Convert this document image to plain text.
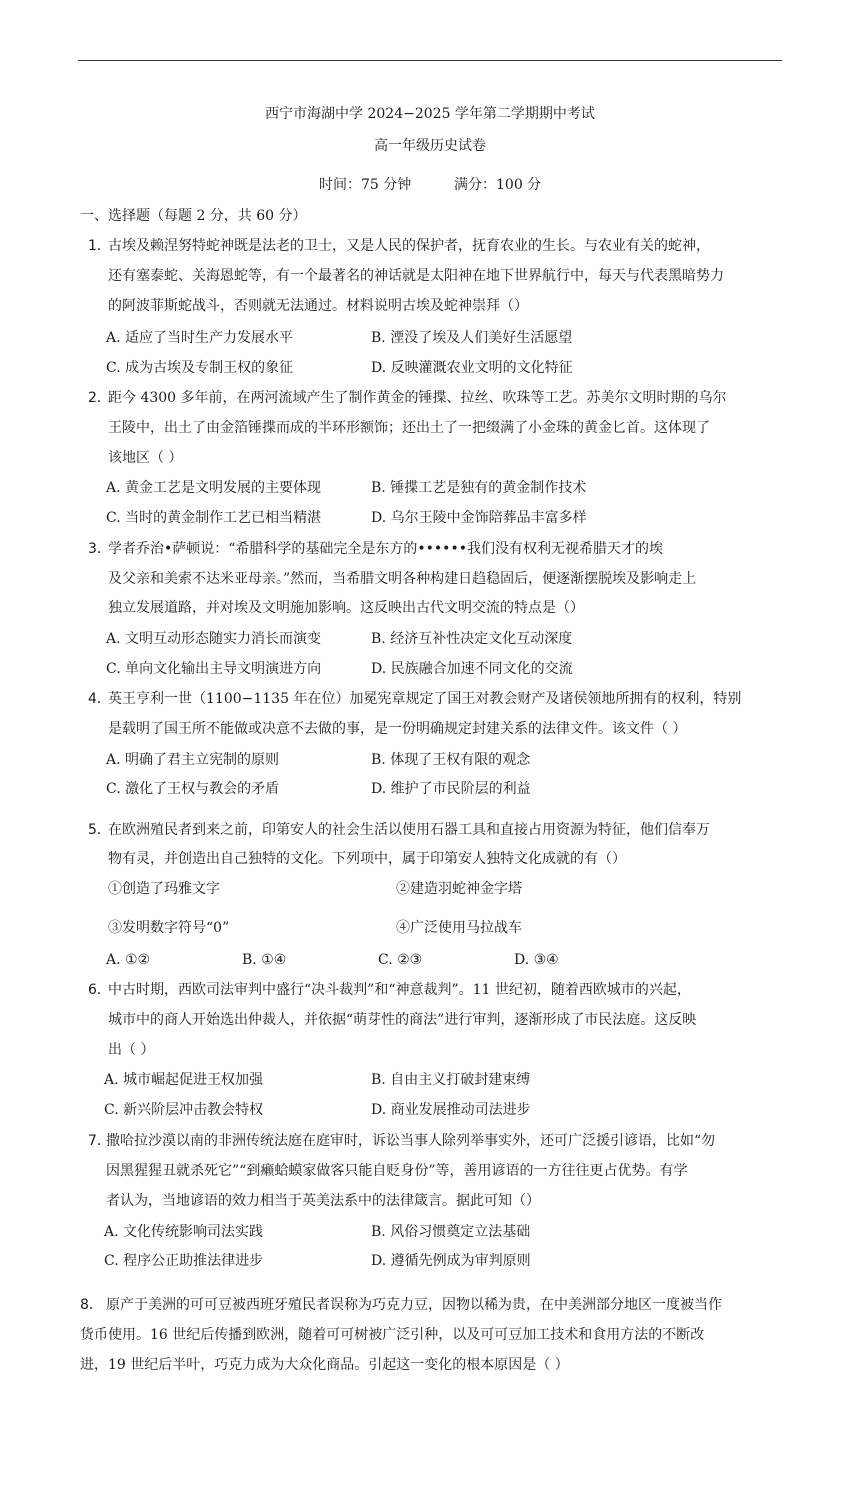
西宁市海湖中学 2024−2025 学年第二学期期中考试
高一年级历史试卷
时间：75 分钟	满分：100 分
一、选择题（每题 2 分，共 60 分）
1．
古埃及赖涅努特蛇神既是法老的卫士，又是人民的保护者，抚育农业的生长。与农业有关的蛇神，
还有塞泰蛇、关海恩蛇等，有一个最著名的神话就是太阳神在地下世界航行中，每天与代表黑暗势力
的阿波菲斯蛇战斗，否则就无法通过。材料说明古埃及蛇神崇拜（）
A. 适应了当时生产力发展水平	B. 湮没了埃及人们美好生活愿望
C. 成为古埃及专制王权的象征	D. 反映灌溉农业文明的文化特征
2．
距今 4300 多年前，在两河流域产生了制作黄金的锤揲、拉丝、吹珠等工艺。苏美尔文明时期的乌尔
王陵中，出土了由金箔锤揲而成的半环形额饰；还出土了一把缀满了小金珠的黄金匕首。这体现了
该地区（ ）
A. 黄金工艺是文明发展的主要体现	B. 锤揲工艺是独有的黄金制作技术
C. 当时的黄金制作工艺已相当精湛	D. 乌尔王陵中金饰陪葬品丰富多样
3．
学者乔治•萨顿说：“希腊科学的基础完全是东方的••••••我们没有权利无视希腊天才的埃
及父亲和美索不达米亚母亲。”然而，当希腊文明各种构建日趋稳固后，便逐渐摆脱埃及影响走上
独立发展道路，并对埃及文明施加影响。这反映出古代文明交流的特点是（）
A. 文明互动形态随实力消长而演变	B. 经济互补性决定文化互动深度
C. 单向文化输出主导文明演进方向	D. 民族融合加速不同文化的交流
4．
英王亨利一世（1100−1135 年在位）加冕宪章规定了国王对教会财产及诸侯领地所拥有的权利，特别
是载明了国王所不能做或决意不去做的事，是一份明确规定封建关系的法律文件。该文件（ ）
A. 明确了君主立宪制的原则	B. 体现了王权有限的观念
C. 激化了王权与教会的矛盾	D. 维护了市民阶层的利益
5．
在欧洲殖民者到来之前，印第安人的社会生活以使用石器工具和直接占用资源为特征，他们信奉万
物有灵，并创造出自己独特的文化。下列项中，属于印第安人独特文化成就的有（）
①创造了玛雅文字	②建造羽蛇神金字塔
③发明数字符号“0”	④广泛使用马拉战车
A. ①②	B. ①④	C. ②③	D. ③④
6．
中古时期，西欧司法审判中盛行“决斗裁判”和“神意裁判”。11 世纪初，随着西欧城市的兴起，
城市中的商人开始选出仲裁人，并依据“萌芽性的商法”进行审判，逐渐形成了市民法庭。这反映
出（ ）
A. 城市崛起促进王权加强	B. 自由主义打破封建束缚
C. 新兴阶层冲击教会特权	D. 商业发展推动司法进步
7．
撒哈拉沙漠以南的非洲传统法庭在庭审时，诉讼当事人除列举事实外，还可广泛援引谚语，比如“勿
因黑猩猩丑就杀死它”“到癞蛤蟆家做客只能自贬身份”等，善用谚语的一方往往更占优势。有学
者认为，当地谚语的效力相当于英美法系中的法律箴言。据此可知（）
A. 文化传统影响司法实践	B. 风俗习惯奠定立法基础
C. 程序公正助推法律进步	D. 遵循先例成为审判原则
8． 原产于美洲的可可豆被西班牙殖民者误称为巧克力豆，因物以稀为贵，在中美洲部分地区一度被当作
货币使用。16 世纪后传播到欧洲，随着可可树被广泛引种，以及可可豆加工技术和食用方法的不断改
进，19 世纪后半叶，巧克力成为大众化商品。引起这一变化的根本原因是（ ）
